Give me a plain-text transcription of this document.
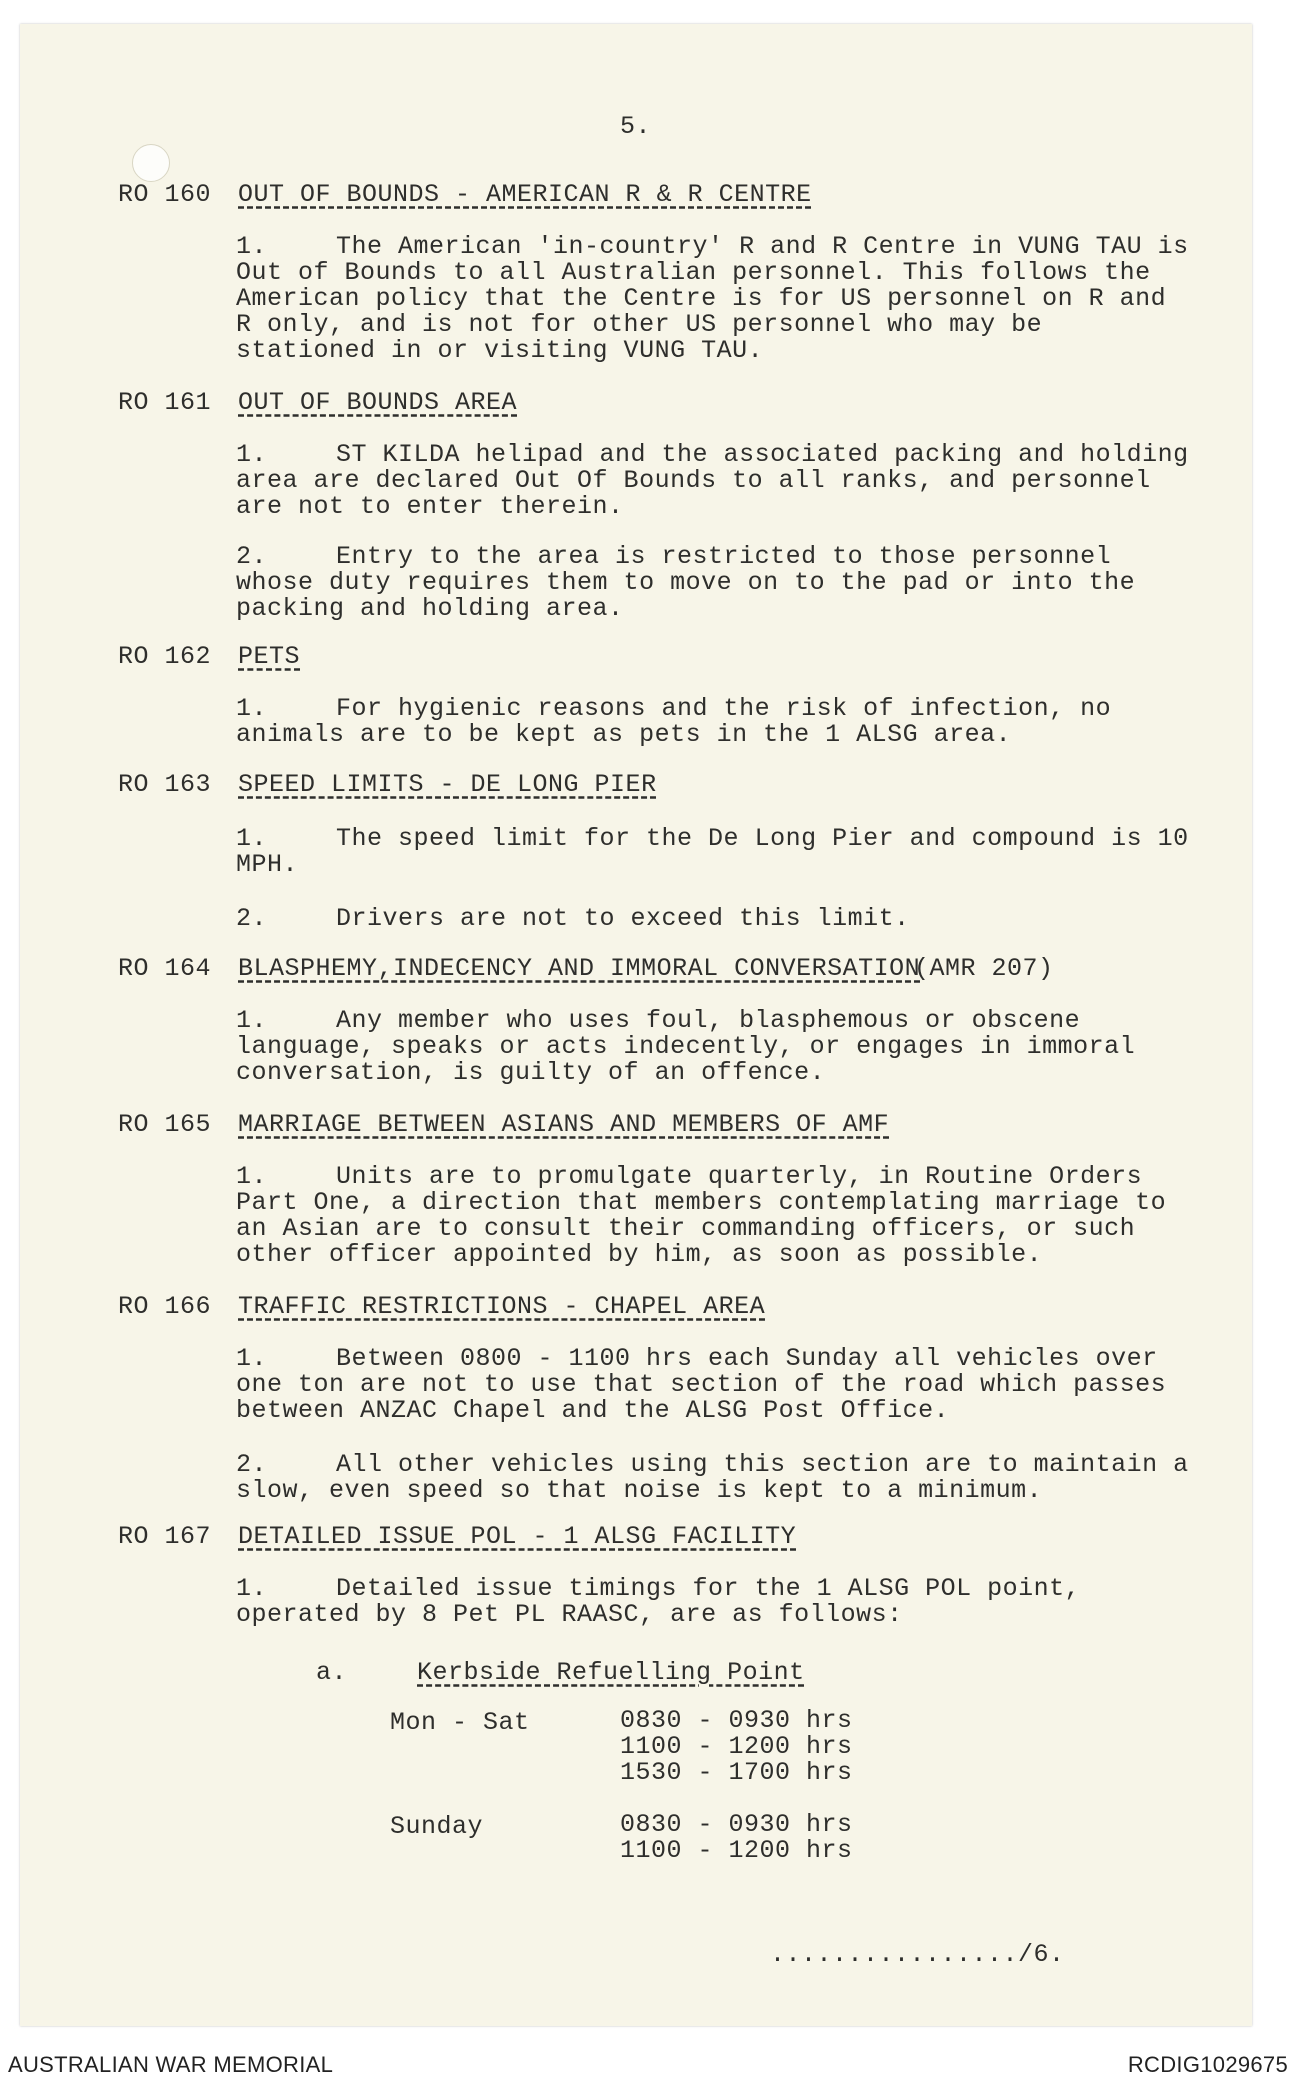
5.
RO 160 OUT OF BOUNDS - AMERICAN R & R CENTRE

1.	The American 'in-country' R and R Centre in VUNG TAU is Out of Bounds to all Australian personnel. This follows the American policy that the Centre is for US personnel on R and R only, and is not for other US personnel who may be stationed in or visiting VUNG TAU.

RO 161 OUT OF BOUNDS AREA

1.	ST KILDA helipad and the associated packing and holding area are declared Out Of Bounds to all ranks, and personnel are not to enter therein.

2.	Entry to the area is restricted to those personnel whose duty requires them to move on to the pad or into the packing and holding area.

RO 162 PETS

1.	For hygienic reasons and the risk of infection, no animals are to be kept as pets in the 1 ALSG area.

RO 163 SPEED LIMITS - DE LONG PIER

1.	The speed limit for the De Long Pier and compound is 10 MPH.

2.	Drivers are not to exceed this limit.

RO 164 BLASPHEMY,INDECENCY AND IMMORAL CONVERSATION
(AMR 207)

1.	Any member who uses foul, blasphemous or obscene language, speaks or acts indecently, or engages in immoral conversation, is guilty of an offence.

RO 165 MARRIAGE BETWEEN ASIANS AND MEMBERS OF AMF

1.	Units are to promulgate quarterly, in Routine Orders Part One, a direction that members contemplating marriage to an Asian are to consult their commanding officers, or such other officer appointed by him, as soon as possible.

RO 166 TRAFFIC RESTRICTIONS - CHAPEL AREA

1.	Between 0800 - 1100 hrs each Sunday all vehicles over one ton are not to use that section of the road which passes between ANZAC Chapel and the ALSG Post Office.

2.	All other vehicles using this section are to maintain a slow, even speed so that noise is kept to a minimum.

RO 167 DETAILED ISSUE POL - 1 ALSG FACILITY

1.	Detailed issue timings for the 1 ALSG POL point, operated by 8 Pet PL RAASC, are as follows:

a.	Kerbside Refuelling Point
Mon - Sat	0830 - 0930 hrs
1100 - 1200 hrs
1530 - 1700 hrs
Sunday	0830 - 0930 hrs
1100 - 1200 hrs
................/6.
AUSTRALIAN WAR MEMORIAL	RCDIG1029675
